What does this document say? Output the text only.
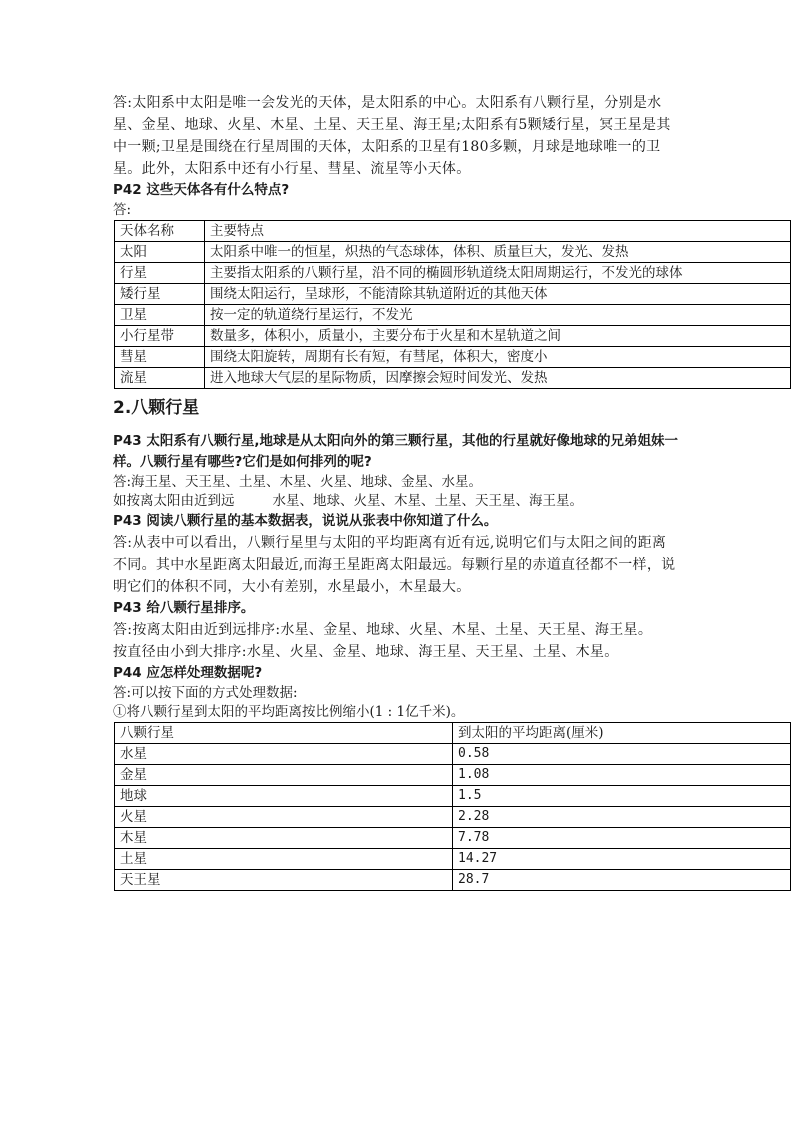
答:太阳系中太阳是唯一会发光的天体，是太阳系的中心。太阳系有八颗行星，分别是水星、金星、地球、火星、木星、土星、天王星、海王星;太阳系有5颗矮行星，冥王星是其中一颗;卫星是围绕在行星周围的天体，太阳系的卫星有180多颗，月球是地球唯一的卫星。此外，太阳系中还有小行星、彗星、流星等小天体。

P42 这些天体各有什么特点?

答:

天体名称	主要特点
太阳	太阳系中唯一的恒星，炽热的气态球体，体积、质量巨大，发光、发热
行星	主要指太阳系的八颗行星，沿不同的椭圆形轨道绕太阳周期运行，不发光的球体
矮行星	围绕太阳运行，呈球形，不能清除其轨道附近的其他天体
卫星	按一定的轨道绕行星运行，不发光
小行星带	数量多，体积小，质量小，主要分布于火星和木星轨道之间
彗星	围绕太阳旋转，周期有长有短，有彗尾，体积大，密度小
流星	进入地球大气层的星际物质，因摩擦会短时间发光、发热
2.八颗行星

P43 太阳系有八颗行星,地球是从太阳向外的第三颗行星，其他的行星就好像地球的兄弟姐妹一样。八颗行星有哪些?它们是如何排列的呢?

答:海王星、天王星、土星、木星、火星、地球、金星、水星。

如按离太阳由近到远	水星、地球、火星、木星、土星、天王星、海王星。

P43 阅读八颗行星的基本数据表，说说从张表中你知道了什么。

答:从表中可以看出，八颗行星里与太阳的平均距离有近有远,说明它们与太阳之间的距离不同。其中水星距离太阳最近,而海王星距离太阳最远。每颗行星的赤道直径都不一样，说明它们的体积不同，大小有差别，水星最小，木星最大。

P43 给八颗行星排序。

答:按离太阳由近到远排序:水星、金星、地球、火星、木星、土星、天王星、海王星。

按直径由小到大排序:水星、火星、金星、地球、海王星、天王星、土星、木星。

P44 应怎样处理数据呢?

答:可以按下面的方式处理数据:

①将八颗行星到太阳的平均距离按比例缩小(1 : 1亿千米)。

八颗行星	到太阳的平均距离(厘米)
水星	0.58
金星	1.08
地球	1.5
火星	2.28
木星	7.78
土星	14.27
天王星	28.7
